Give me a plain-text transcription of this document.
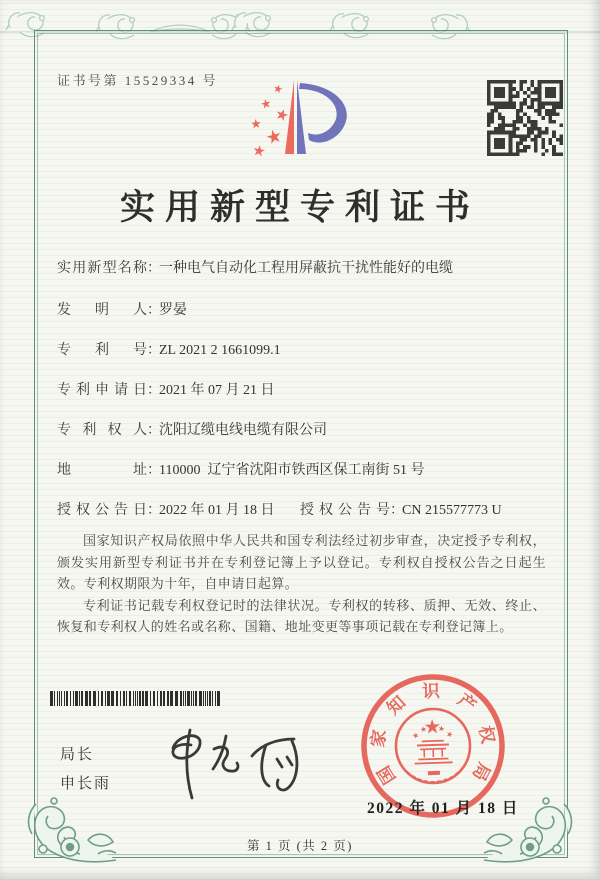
证书号第 15529334 号
实用新型专利证书
实用新型名称：一种电气自动化工程用屏蔽抗干扰性能好的电缆
发明人：罗晏
专利号：ZL 2021 2 1661099.1
专利申请日：2021 年 07 月 21 日
专利权人：沈阳辽缆电线电缆有限公司
地址：110000  辽宁省沈阳市铁西区保工南街 51 号
授权公告日：2022 年 01 月 18 日 授权公告号：CN 215577773 U

国家知识产权局依照中华人民共和国专利法经过初步审查，决定授予专利权，颁发实用新型专利证书并在专利登记簿上予以登记。专利权自授权公告之日起生效。专利权期限为十年，自申请日起算。

专利证书记载专利权登记时的法律状况。专利权的转移、质押、无效、终止、恢复和专利权人的姓名或名称、国籍、地址变更等事项记载在专利登记簿上。

局长
申长雨	国
家
知
识 产
权
局
2022 年 01 月 18 日
第 1 页 (共 2 页)
